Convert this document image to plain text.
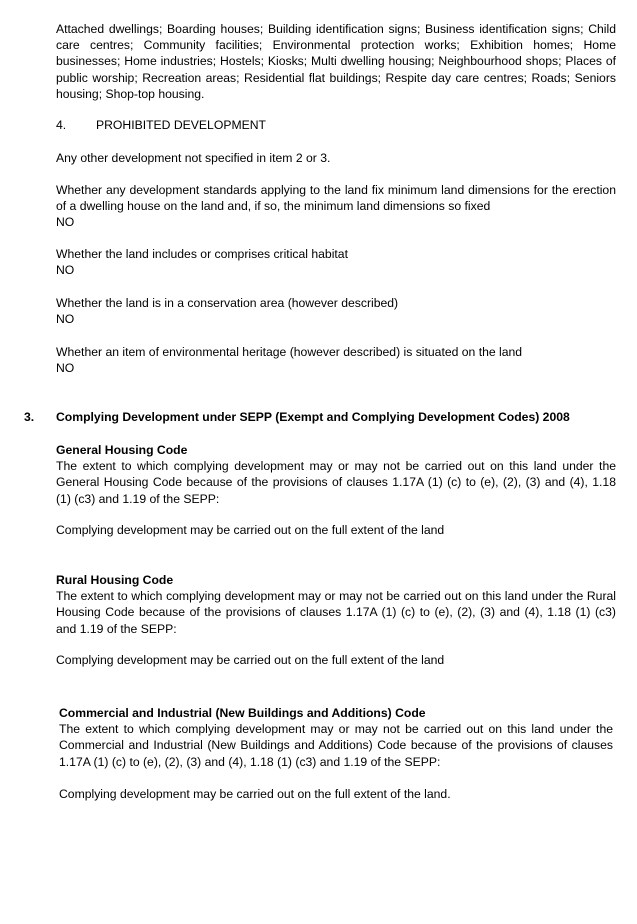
Attached dwellings; Boarding houses; Building identification signs; Business identification signs; Child care centres; Community facilities; Environmental protection works; Exhibition homes; Home businesses; Home industries; Hostels; Kiosks; Multi dwelling housing; Neighbourhood shops; Places of public worship; Recreation areas; Residential flat buildings; Respite day care centres; Roads; Seniors housing; Shop-top housing.

4. PROHIBITED DEVELOPMENT

Any other development not specified in item 2 or 3.

Whether any development standards applying to the land fix minimum land dimensions for the erection of a dwelling house on the land and, if so, the minimum land dimensions so fixed
NO
Whether the land includes or comprises critical habitat
NO
Whether the land is in a conservation area (however described)
NO
Whether an item of environmental heritage (however described) is situated on the land
NO
3. Complying Development under SEPP (Exempt and Complying Development Codes) 2008
General Housing Code
The extent to which complying development may or may not be carried out on this land under the General Housing Code because of the provisions of clauses 1.17A (1) (c) to (e), (2), (3) and (4), 1.18 (1) (c3) and 1.19 of the SEPP:

Complying development may be carried out on the full extent of the land

Rural Housing Code
The extent to which complying development may or may not be carried out on this land under the Rural Housing Code because of the provisions of clauses 1.17A (1) (c) to (e), (2), (3) and (4), 1.18 (1) (c3) and 1.19 of the SEPP:

Complying development may be carried out on the full extent of the land

Commercial and Industrial (New Buildings and Additions) Code
The extent to which complying development may or may not be carried out on this land under the Commercial and Industrial (New Buildings and Additions) Code because of the provisions of clauses 1.17A (1) (c) to (e), (2), (3) and (4), 1.18 (1) (c3) and 1.19 of the SEPP:

Complying development may be carried out on the full extent of the land.
